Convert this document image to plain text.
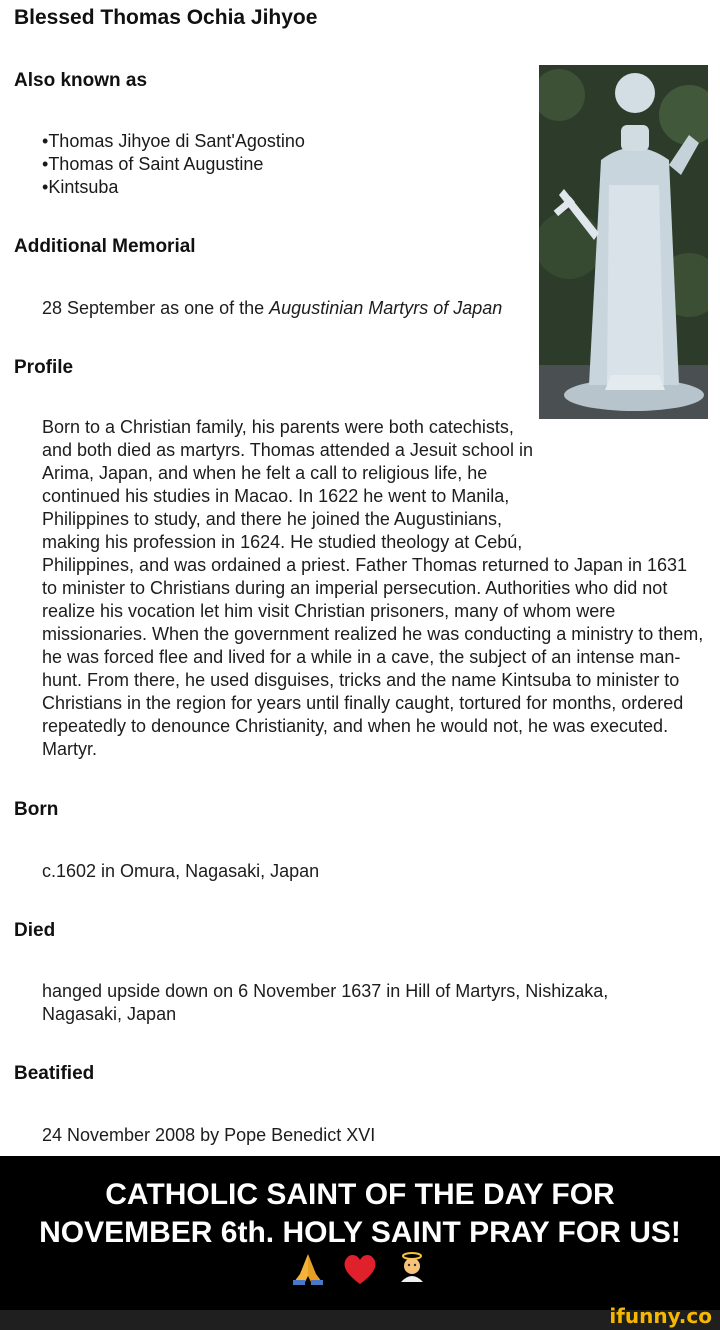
Blessed Thomas Ochia Jihyoe
Also known as
• Thomas Jihyoe di Sant'Agostino
• Thomas of Saint Augustine
• Kintsuba
Additional Memorial

28 September as one of the Augustinian Martyrs of Japan

Profile
Born to a Christian family, his parents were both catechists, and both died as martyrs. Thomas attended a Jesuit school in Arima, Japan, and when he felt a call to religious life, he continued his studies in Macao. In 1622 he went to Manila, Philippines to study, and there he joined the Augustinians, making his profession in 1624. He studied theology at Cebú, Philippines, and was ordained a priest. Father Thomas returned to Japan in 1631 to minister to Christians during an imperial persecution. Authorities who did not realize his vocation let him visit Christian prisoners, many of whom were missionaries. When the government realized he was conducting a ministry to them, he was forced flee and lived for a while in a cave, the subject of an intense man-hunt. From there, he used disguises, tricks and the name Kintsuba to minister to Christians in the region for years until finally caught, tortured for months, ordered repeatedly to denounce Christianity, and when he would not, he was executed. Martyr.
Born

c.1602 in Omura, Nagasaki, Japan

Died

hanged upside down on 6 November 1637 in Hill of Martyrs, Nishizaka, Nagasaki, Japan

Beatified

24 November 2008 by Pope Benedict XVI

CATHOLIC SAINT OF THE DAY FOR
NOVEMBER 6th. HOLY SAINT PRAY FOR US!

ifunny.co
